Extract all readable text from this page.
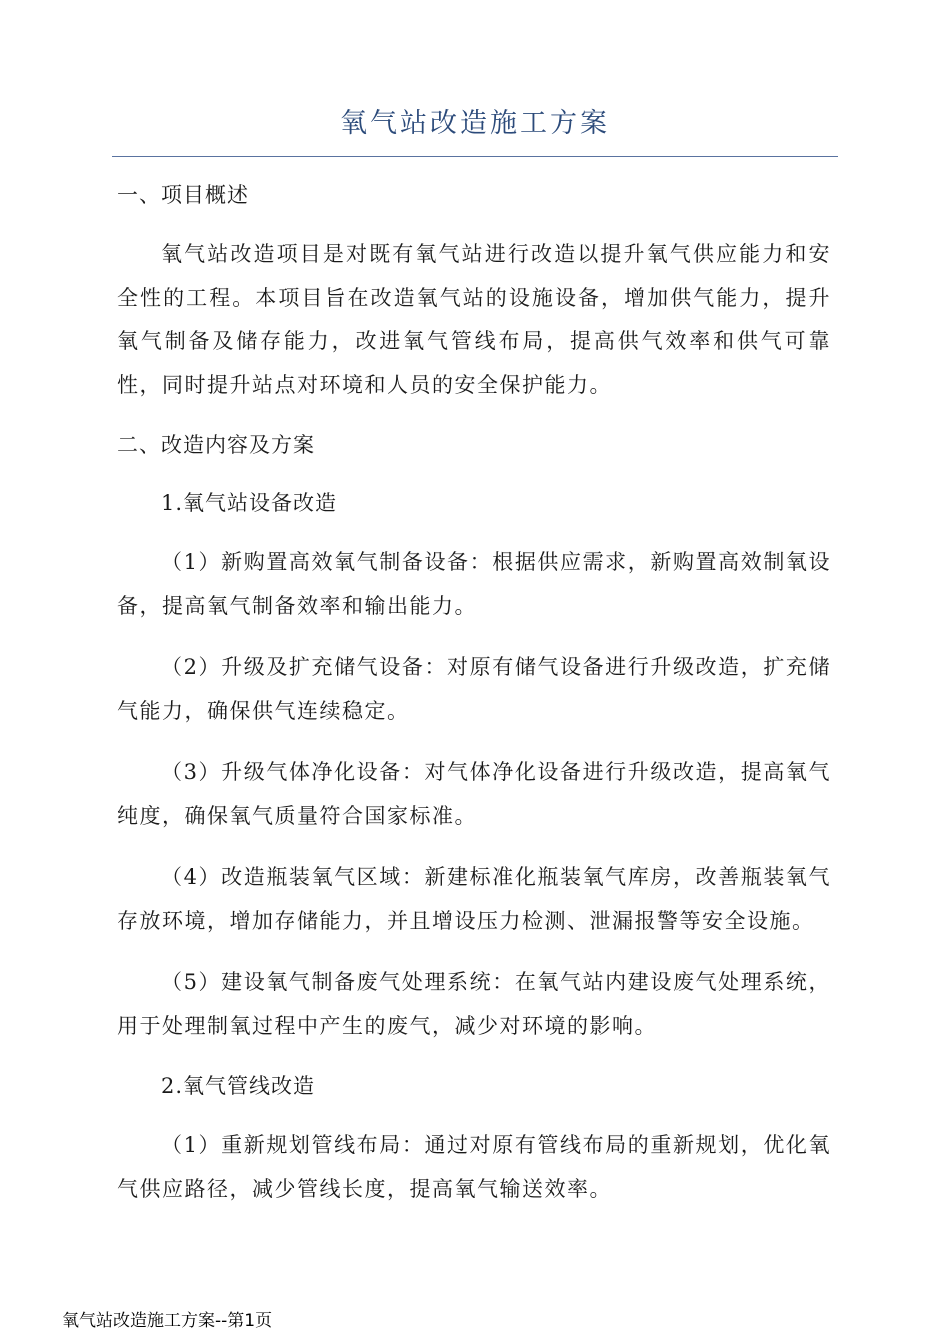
氧气站改造施工方案
一、项目概述

氧气站改造项目是对既有氧气站进行改造以提升氧气供应能力和安全性的工程。本项目旨在改造氧气站的设施设备，增加供气能力，提升氧气制备及储存能力，改进氧气管线布局，提高供气效率和供气可靠性，同时提升站点对环境和人员的安全保护能力。

二、改造内容及方案
1.氧气站设备改造

（1）新购置高效氧气制备设备：根据供应需求，新购置高效制氧设备，提高氧气制备效率和输出能力。

（2）升级及扩充储气设备：对原有储气设备进行升级改造，扩充储气能力，确保供气连续稳定。

（3）升级气体净化设备：对气体净化设备进行升级改造，提高氧气纯度，确保氧气质量符合国家标准。

（4）改造瓶装氧气区域：新建标准化瓶装氧气库房，改善瓶装氧气存放环境，增加存储能力，并且增设压力检测、泄漏报警等安全设施。

（5）建设氧气制备废气处理系统：在氧气站内建设废气处理系统，用于处理制氧过程中产生的废气，减少对环境的影响。

2.氧气管线改造

（1）重新规划管线布局：通过对原有管线布局的重新规划，优化氧气供应路径，减少管线长度，提高氧气输送效率。

氧气站改造施工方案--第1页
